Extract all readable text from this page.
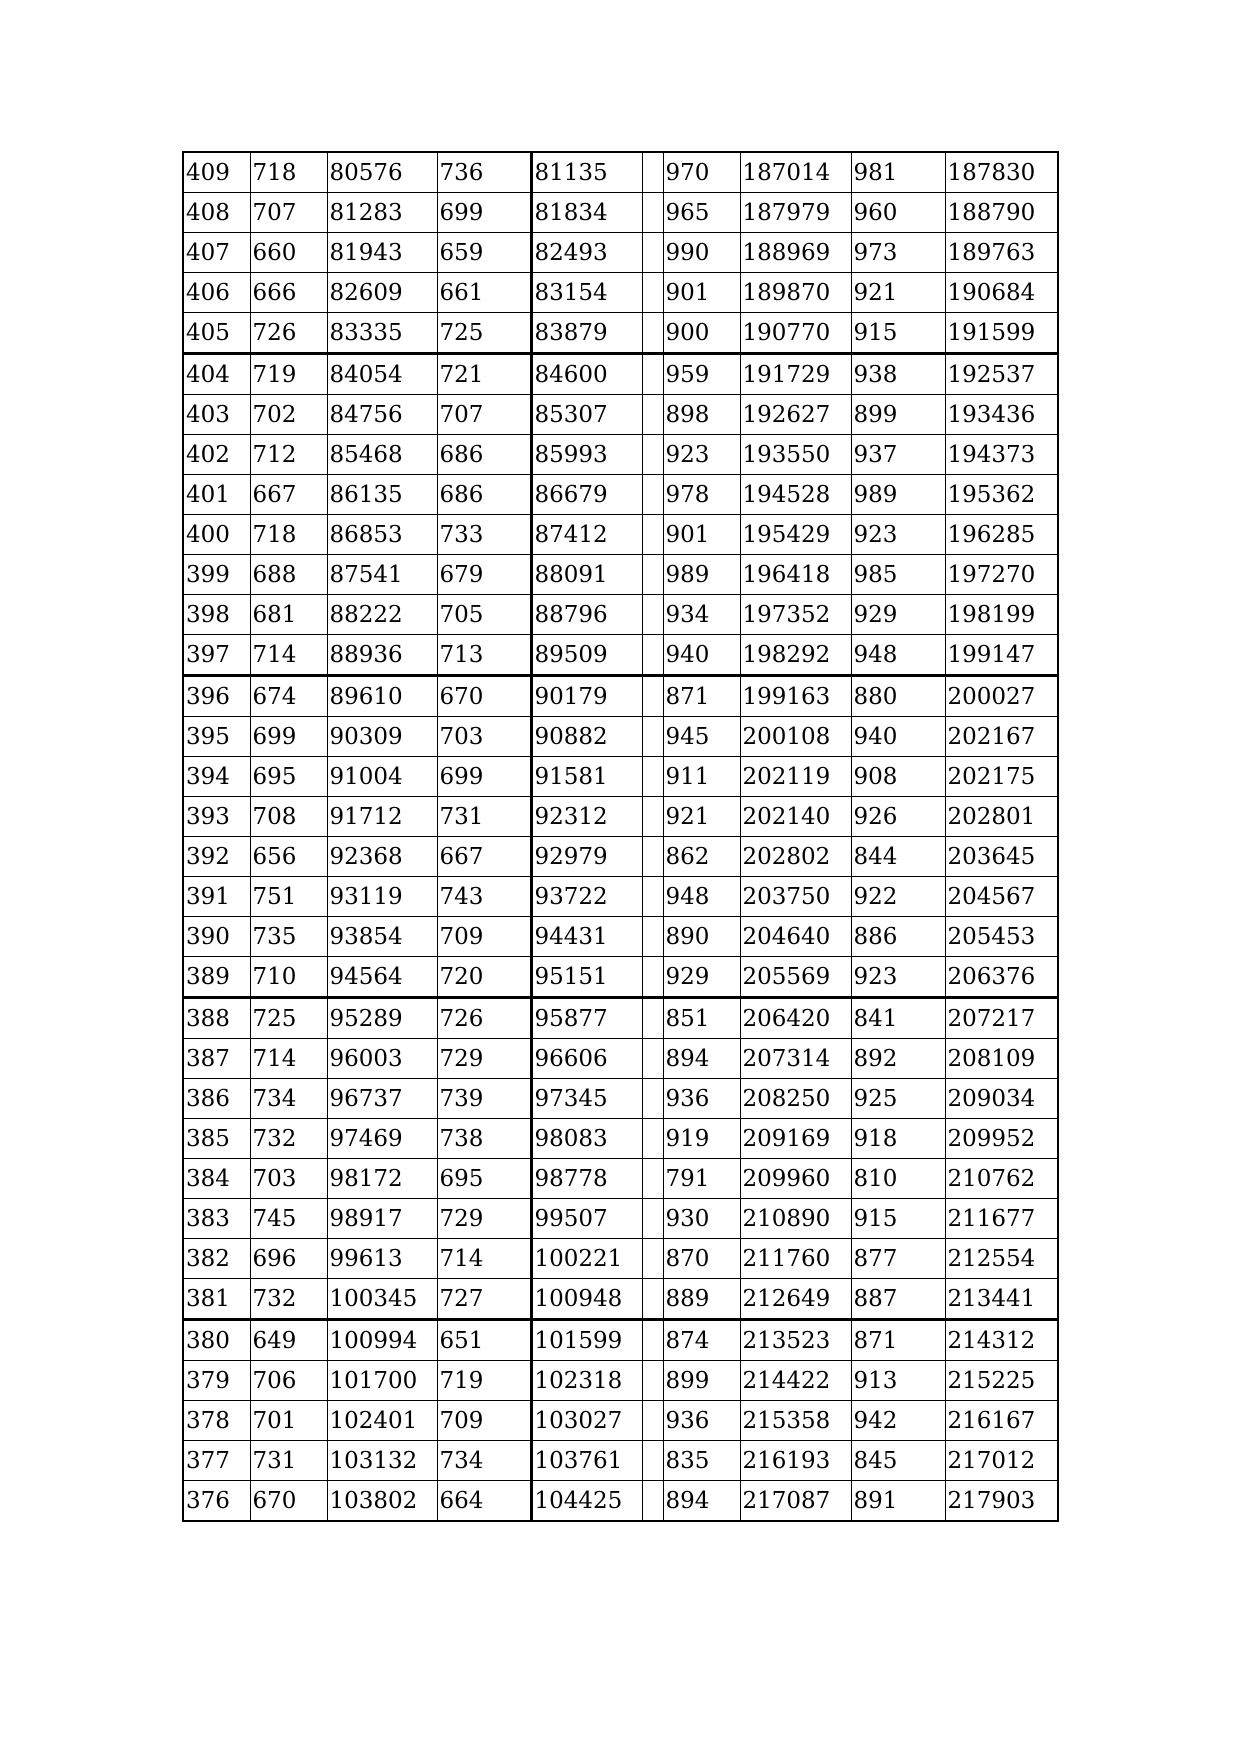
409	718	80576	736	81135		970	187014	981	187830
408	707	81283	699	81834		965	187979	960	188790
407	660	81943	659	82493		990	188969	973	189763
406	666	82609	661	83154		901	189870	921	190684
405	726	83335	725	83879		900	190770	915	191599
404	719	84054	721	84600		959	191729	938	192537
403	702	84756	707	85307		898	192627	899	193436
402	712	85468	686	85993		923	193550	937	194373
401	667	86135	686	86679		978	194528	989	195362
400	718	86853	733	87412		901	195429	923	196285
399	688	87541	679	88091		989	196418	985	197270
398	681	88222	705	88796		934	197352	929	198199
397	714	88936	713	89509		940	198292	948	199147
396	674	89610	670	90179		871	199163	880	200027
395	699	90309	703	90882		945	200108	940	202167
394	695	91004	699	91581		911	202119	908	202175
393	708	91712	731	92312		921	202140	926	202801
392	656	92368	667	92979		862	202802	844	203645
391	751	93119	743	93722		948	203750	922	204567
390	735	93854	709	94431		890	204640	886	205453
389	710	94564	720	95151		929	205569	923	206376
388	725	95289	726	95877		851	206420	841	207217
387	714	96003	729	96606		894	207314	892	208109
386	734	96737	739	97345		936	208250	925	209034
385	732	97469	738	98083		919	209169	918	209952
384	703	98172	695	98778		791	209960	810	210762
383	745	98917	729	99507		930	210890	915	211677
382	696	99613	714	100221		870	211760	877	212554
381	732	100345	727	100948		889	212649	887	213441
380	649	100994	651	101599		874	213523	871	214312
379	706	101700	719	102318		899	214422	913	215225
378	701	102401	709	103027		936	215358	942	216167
377	731	103132	734	103761		835	216193	845	217012
376	670	103802	664	104425		894	217087	891	217903
